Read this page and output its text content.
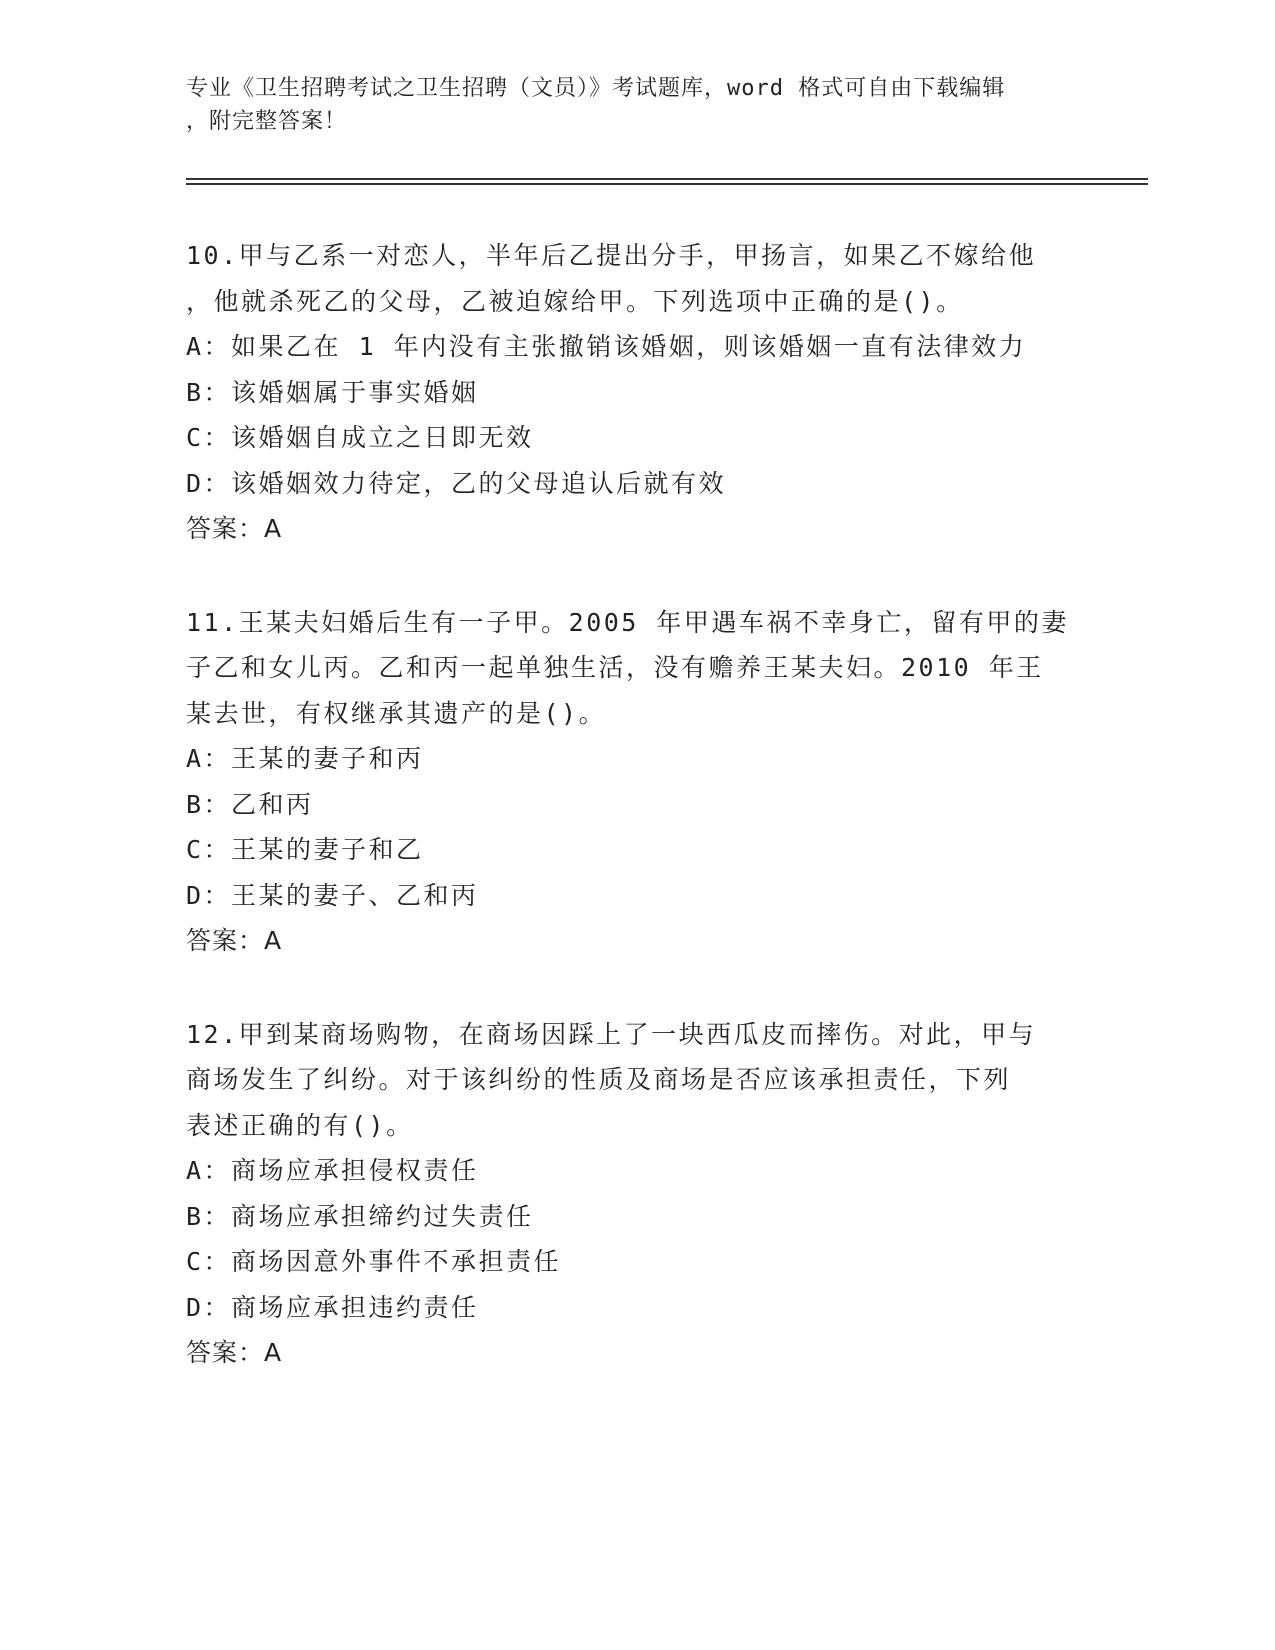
专业《卫生招聘考试之卫生招聘（文员）》考试题库，word 格式可自由下载编辑
，附完整答案！
10.甲与乙系一对恋人，半年后乙提出分手，甲扬言，如果乙不嫁给他
，他就杀死乙的父母，乙被迫嫁给甲。下列选项中正确的是()。
A：如果乙在 1 年内没有主张撤销该婚姻，则该婚姻一直有法律效力
B：该婚姻属于事实婚姻
C：该婚姻自成立之日即无效
D：该婚姻效力待定，乙的父母追认后就有效
答案：A
11.王某夫妇婚后生有一子甲。2005 年甲遇车祸不幸身亡，留有甲的妻
子乙和女儿丙。乙和丙一起单独生活，没有赡养王某夫妇。2010 年王
某去世，有权继承其遗产的是()。
A：王某的妻子和丙
B：乙和丙
C：王某的妻子和乙
D：王某的妻子、乙和丙
答案：A
12.甲到某商场购物，在商场因踩上了一块西瓜皮而摔伤。对此，甲与
商场发生了纠纷。对于该纠纷的性质及商场是否应该承担责任，下列
表述正确的有()。
A：商场应承担侵权责任
B：商场应承担缔约过失责任
C：商场因意外事件不承担责任
D：商场应承担违约责任
答案：A
